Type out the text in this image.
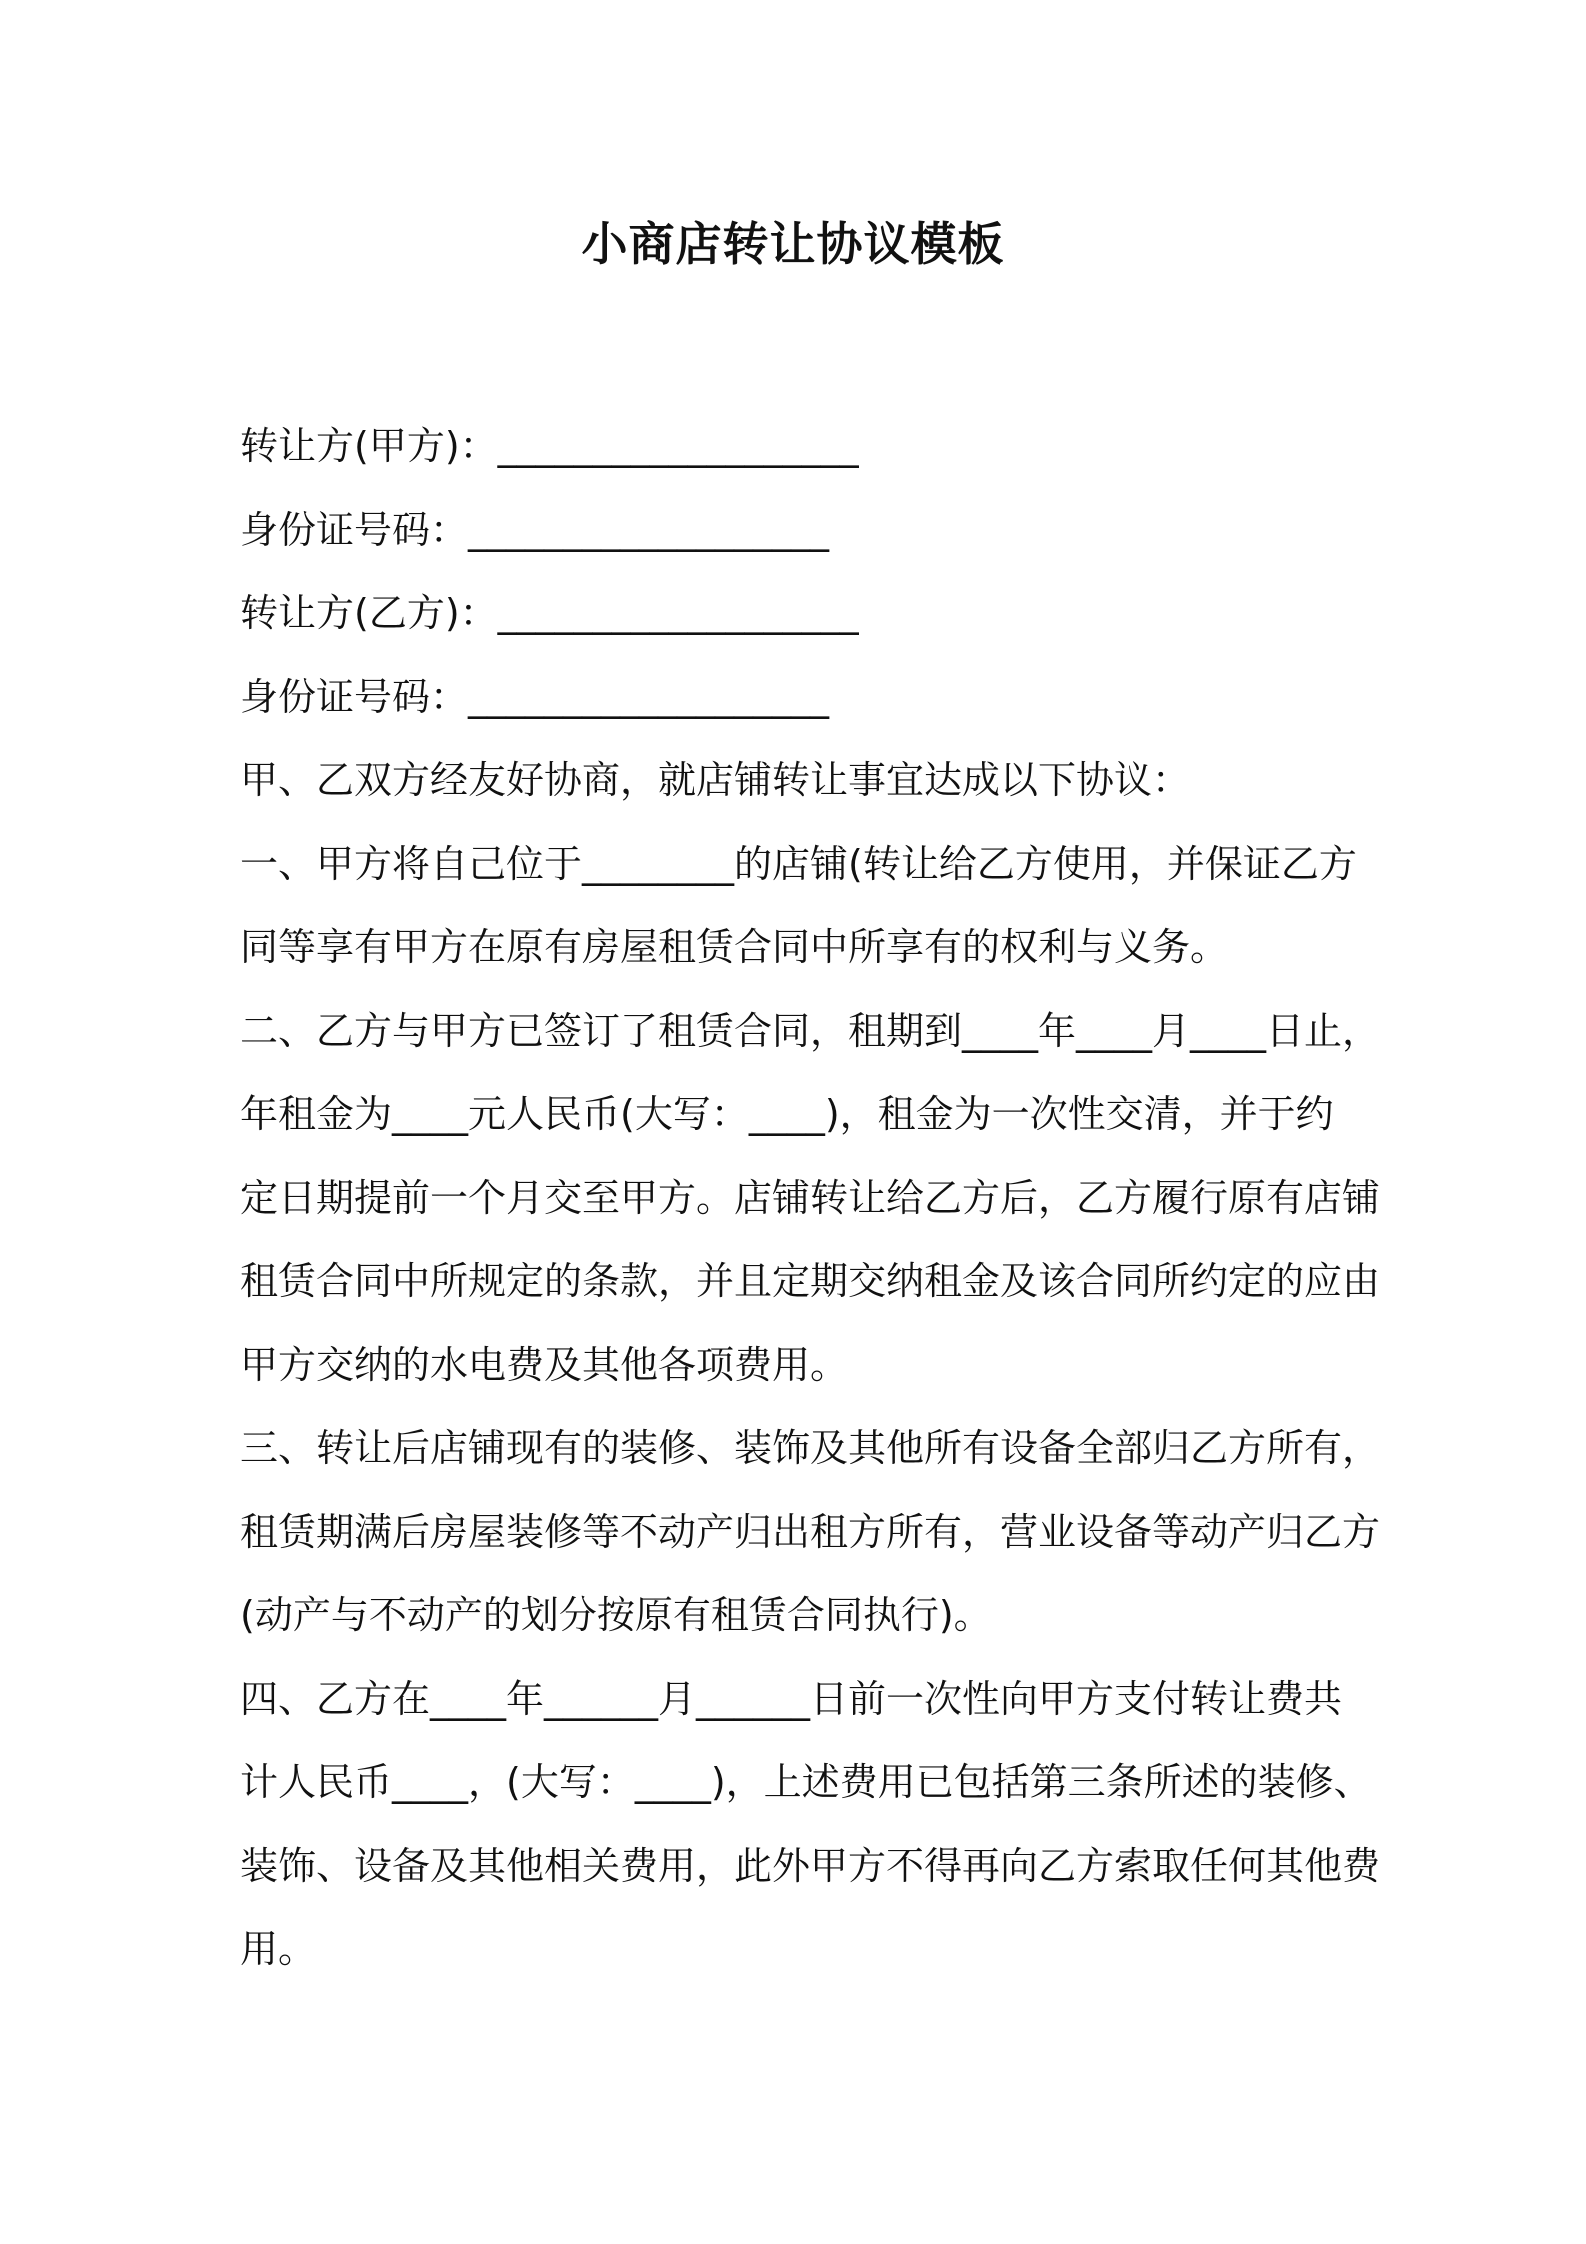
小商店转让协议模板
转让方(甲方)：___________________
身份证号码：___________________
转让方(乙方)：___________________
身份证号码：___________________
甲、乙双方经友好协商，就店铺转让事宜达成以下协议：
一、甲方将自己位于________的店铺(转让给乙方使用，并保证乙方
同等享有甲方在原有房屋租赁合同中所享有的权利与义务。
二、乙方与甲方已签订了租赁合同，租期到____年____月____日止，
年租金为____元人民币(大写：____)，租金为一次性交清，并于约
定日期提前一个月交至甲方。店铺转让给乙方后，乙方履行原有店铺
租赁合同中所规定的条款，并且定期交纳租金及该合同所约定的应由
甲方交纳的水电费及其他各项费用。
三、转让后店铺现有的装修、装饰及其他所有设备全部归乙方所有，
租赁期满后房屋装修等不动产归出租方所有，营业设备等动产归乙方
(动产与不动产的划分按原有租赁合同执行)。
四、乙方在____年______月______日前一次性向甲方支付转让费共
计人民币____，(大写：____)，上述费用已包括第三条所述的装修、
装饰、设备及其他相关费用，此外甲方不得再向乙方索取任何其他费
用。
